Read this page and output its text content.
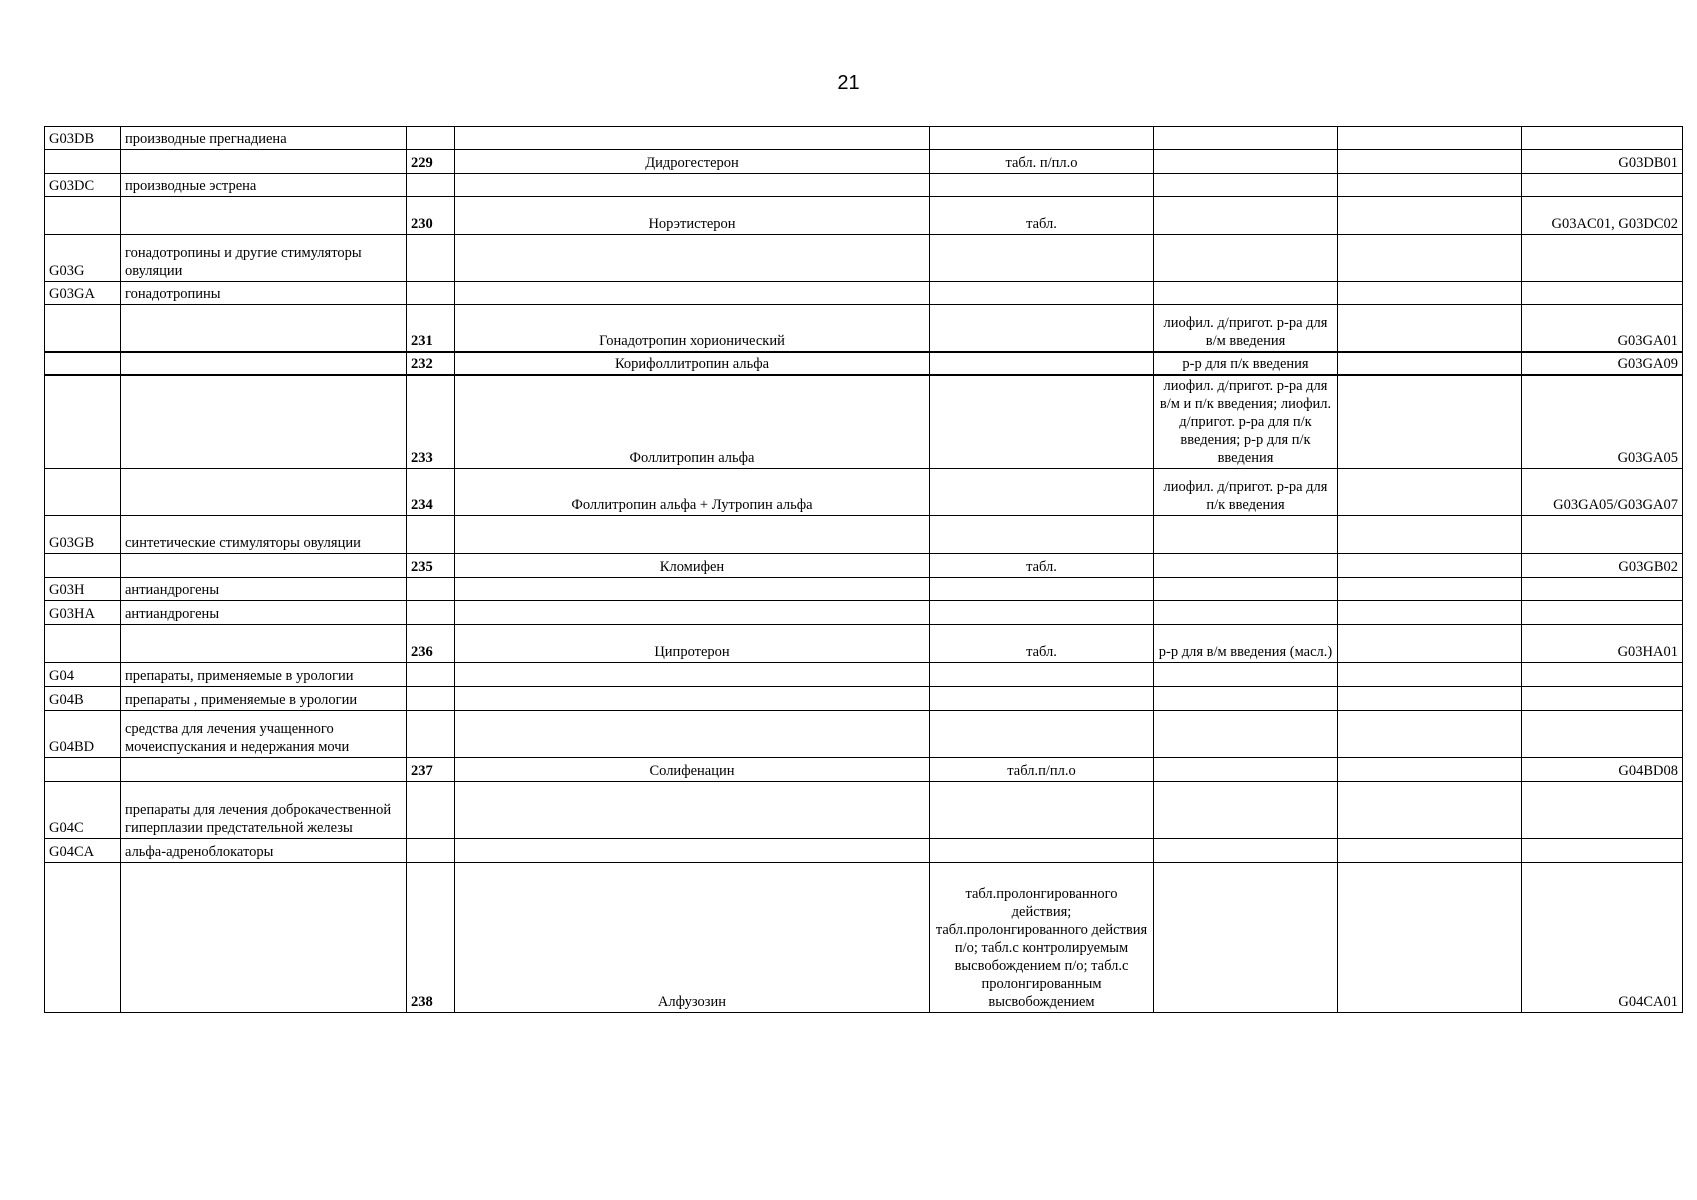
21
G03DB	производные прегнадиена						
		229	Дидрогестерон	табл. п/пл.о			G03DB01
G03DC	производные эстрена						
		230	Норэтистерон	табл.			G03AC01, G03DC02
G03G	гонадотропины и другие стимуляторы овуляции						
G03GA	гонадотропины						
		231	Гонадотропин хорионический		лиофил. д/пригот. р-ра для в/м введения		G03GA01
		232	Корифоллитропин альфа		р-р для п/к введения		G03GA09
		233	Фоллитропин альфа		лиофил. д/пригот. р-ра для в/м и п/к введения; лиофил. д/пригот. р-ра для п/к введения; р-р для п/к введения		G03GA05
		234	Фоллитропин альфа + Лутропин альфа		лиофил. д/пригот. р-ра для п/к введения		G03GA05/G03GA07
G03GB	синтетические стимуляторы овуляции						
		235	Кломифен	табл.			G03GB02
G03H	антиандрогены						
G03HA	антиандрогены						
		236	Ципротерон	табл.	р-р для в/м введения (масл.)		G03HA01
G04	препараты, применяемые в урологии						
G04B	препараты , применяемые в урологии						
G04BD	средства для лечения учащенного мочеиспускания и недержания мочи						
		237	Солифенацин	табл.п/пл.о			G04BD08
G04C	препараты для лечения доброкачественной гиперплазии предстательной железы						
G04CA	альфа-адреноблокаторы						
		238	Алфузозин	табл.пролонгированного действия; табл.пролонгированного действия п/о; табл.с контролируемым высвобождением п/о; табл.с пролонгированным высвобождением			G04CA01
